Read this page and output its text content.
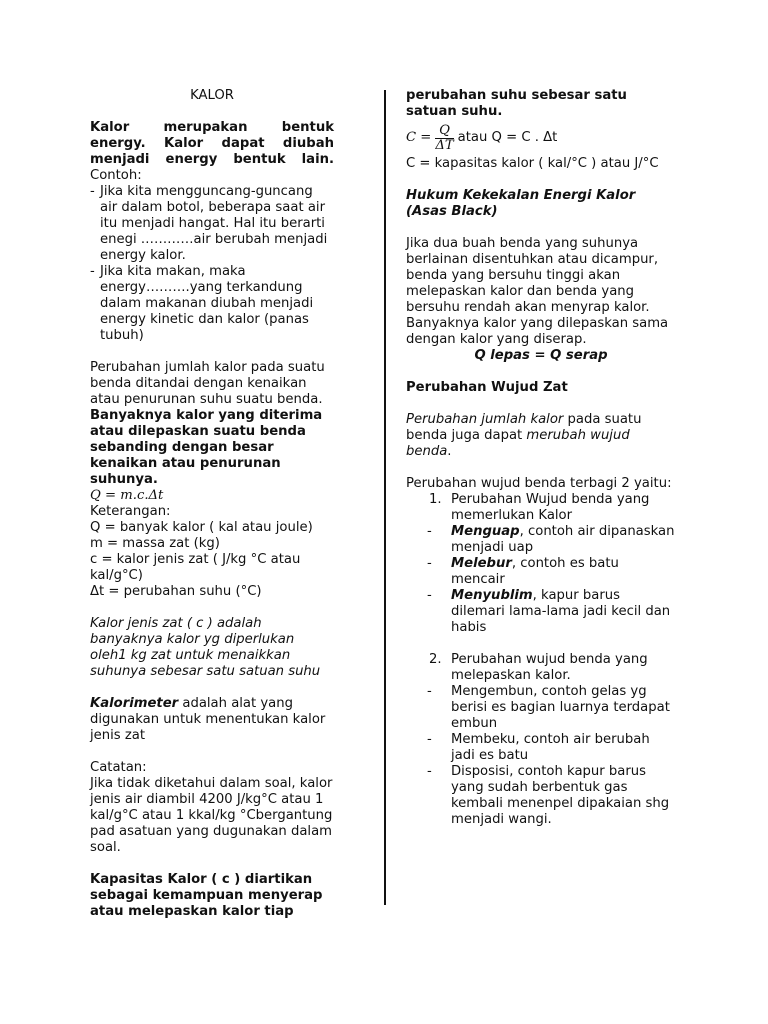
KALOR

Kalor merupakan bentuk energy. Kalor dapat diubah menjadi energy bentuk lain. Contoh:

- Jika kita mengguncang-guncang air dalam botol, beberapa saat air itu menjadi hangat. Hal itu berarti enegi …………air berubah menjadi energy kalor.
- Jika kita makan, maka energy……….yang terkandung dalam makanan diubah menjadi energy kinetic dan kalor (panas tubuh)

Perubahan jumlah kalor pada suatu benda ditandai dengan kenaikan atau penurunan suhu suatu benda.

Banyaknya kalor yang diterima atau dilepaskan suatu benda sebanding dengan besar kenaikan atau penurunan suhunya.

Q = m.c.Δt

Keterangan:

Q = banyak kalor ( kal atau joule)

m = massa zat (kg)

c = kalor jenis zat ( J/kg °C atau kal/g°C)

Δt = perubahan suhu (°C)

Kalor jenis zat ( c ) adalah banyaknya kalor yg diperlukan oleh1 kg zat untuk menaikkan suhunya sebesar satu satuan suhu

Kalorimeter adalah alat yang digunakan untuk menentukan kalor jenis zat

Catatan:

Jika tidak diketahui dalam soal, kalor jenis air diambil 4200 J/kg°C atau 1 kal/g°C atau 1 kkal/kg °Cbergantung pad asatuan yang dugunakan dalam soal.

Kapasitas Kalor ( c ) diartikan sebagai kemampuan menyerap atau melepaskan kalor tiap

perubahan suhu sebesar satu satuan suhu.

$C = \frac{Q}{\Delta T}$ atau Q = C . Δt

C = kapasitas kalor ( kal/°C ) atau J/°C

Hukum Kekekalan Energi Kalor (Asas Black)

Jika dua buah benda yang suhunya berlainan disentuhkan atau dicampur, benda yang bersuhu tinggi akan melepaskan kalor dan benda yang bersuhu rendah akan menyrap kalor. Banyaknya kalor yang dilepaskan sama dengan kalor yang diserap.

Q lepas = Q serap

Perubahan Wujud Zat

Perubahan jumlah kalor pada suatu benda juga dapat merubah wujud benda.

Perubahan wujud benda terbagi 2 yaitu:

1. Perubahan Wujud benda yang memerlukan Kalor
- Menguap, contoh air dipanaskan menjadi uap
- Melebur, contoh es batu mencair
- Menyublim, kapur barus dilemari lama-lama jadi kecil dan habis
2. Perubahan wujud benda yang melepaskan kalor.
- Mengembun, contoh gelas yg berisi es bagian luarnya terdapat embun
- Membeku, contoh air berubah jadi es batu
- Disposisi, contoh kapur barus yang sudah berbentuk gas kembali menenpel dipakaian shg menjadi wangi.
